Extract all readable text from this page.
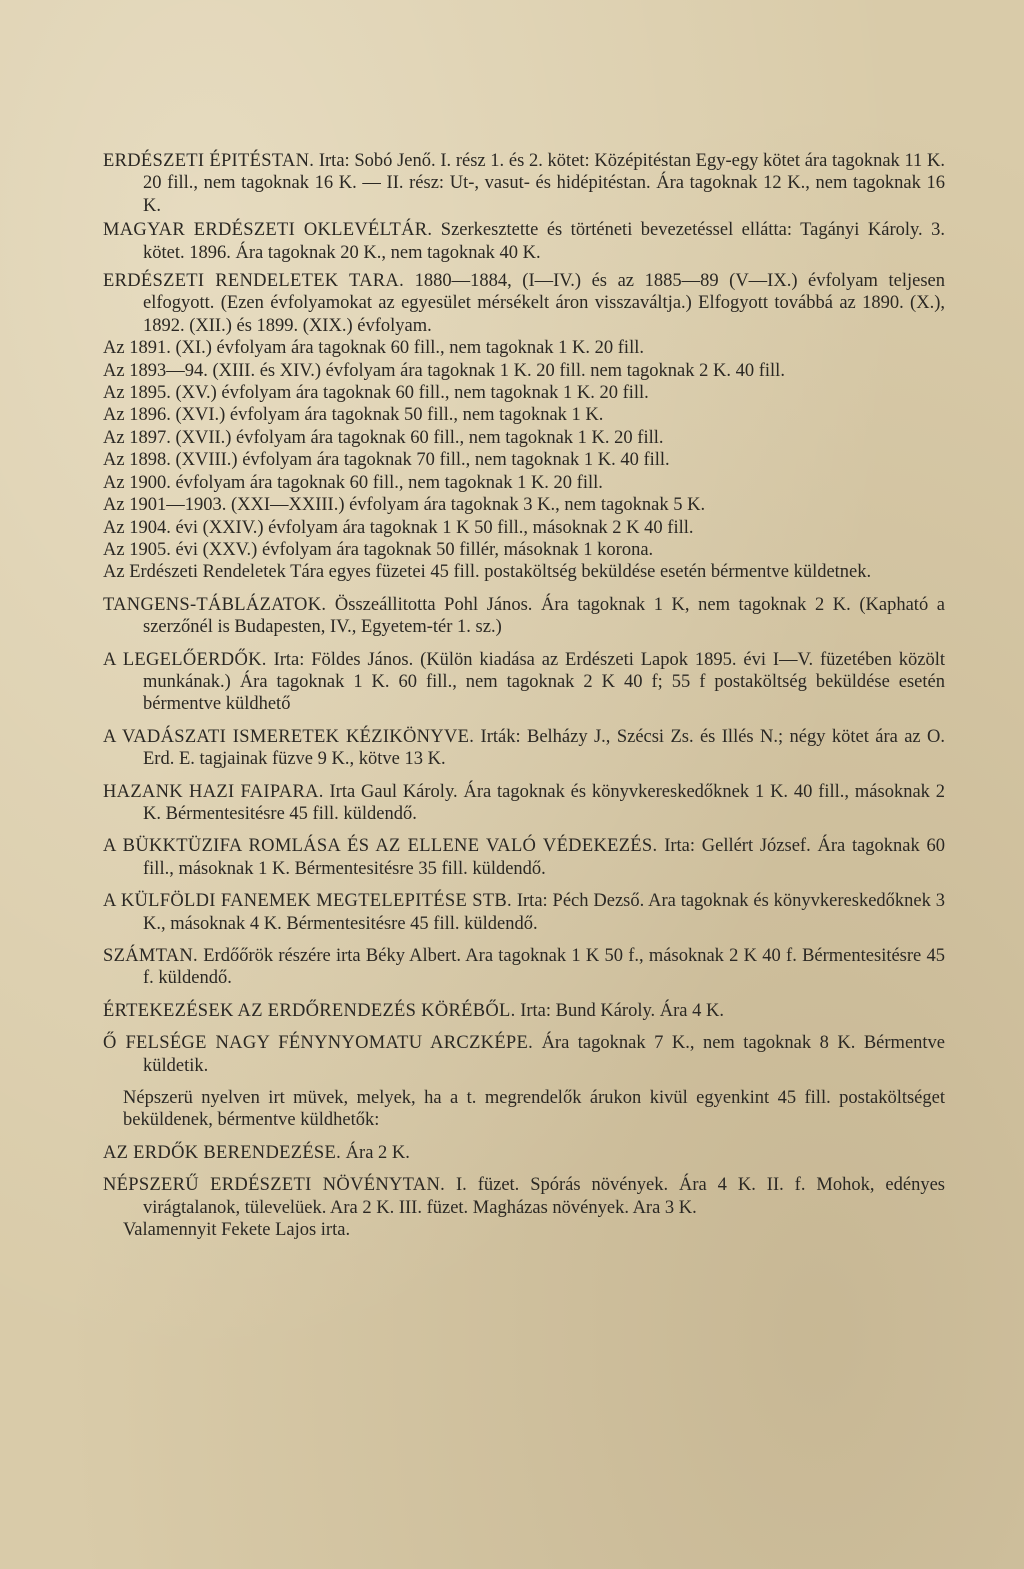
ERDÉSZETI ÉPITÉSTAN. Irta: Sobó Jenő. I. rész 1. és 2. kötet: Középitéstan Egy-egy kötet ára tagoknak 11 K. 20 fill., nem tagoknak 16 K. — II. rész: Ut-, vasut- és hidépitéstan. Ára tagoknak 12 K., nem tagoknak 16 K.
MAGYAR ERDÉSZETI OKLEVÉLTÁR. Szerkesztette és történeti bevezetéssel ellátta: Tagányi Károly. 3. kötet. 1896. Ára tagoknak 20 K., nem tagoknak 40 K.
ERDÉSZETI RENDELETEK TARA. 1880—1884, (I—IV.) és az 1885—89 (V—IX.) évfolyam teljesen elfogyott. (Ezen évfolyamokat az egyesület mérsékelt áron visszaváltja.) Elfogyott továbbá az 1890. (X.), 1892. (XII.) és 1899. (XIX.) évfolyam.
Az 1891. (XI.) évfolyam ára tagoknak 60 fill., nem tagoknak 1 K. 20 fill.
Az 1893—94. (XIII. és XIV.) évfolyam ára tagoknak 1 K. 20 fill. nem tagoknak 2 K. 40 fill.
Az 1895. (XV.) évfolyam ára tagoknak 60 fill., nem tagoknak 1 K. 20 fill.
Az 1896. (XVI.) évfolyam ára tagoknak 50 fill., nem tagoknak 1 K.
Az 1897. (XVII.) évfolyam ára tagoknak 60 fill., nem tagoknak 1 K. 20 fill.
Az 1898. (XVIII.) évfolyam ára tagoknak 70 fill., nem tagoknak 1 K. 40 fill.
Az 1900. évfolyam ára tagoknak 60 fill., nem tagoknak 1 K. 20 fill.
Az 1901—1903. (XXI—XXIII.) évfolyam ára tagoknak 3 K., nem tagoknak 5 K.
Az 1904. évi (XXIV.) évfolyam ára tagoknak 1 K 50 fill., másoknak 2 K 40 fill.
Az 1905. évi (XXV.) évfolyam ára tagoknak 50 fillér, másoknak 1 korona.
Az Erdészeti Rendeletek Tára egyes füzetei 45 fill. postaköltség beküldése esetén bérmentve küldetnek.
TANGENS-TÁBLÁZATOK. Összeállitotta Pohl János. Ára tagoknak 1 K, nem tagoknak 2 K. (Kapható a szerzőnél is Budapesten, IV., Egyetem-tér 1. sz.)
A LEGELŐERDŐK. Irta: Földes János. (Külön kiadása az Erdészeti Lapok 1895. évi I—V. füzetében közölt munkának.) Ára tagoknak 1 K. 60 fill., nem tagoknak 2 K 40 f; 55 f postaköltség beküldése esetén bérmentve küldhető
A VADÁSZATI ISMERETEK KÉZIKÖNYVE. Irták: Belházy J., Szécsi Zs. és Illés N.; négy kötet ára az O. Erd. E. tagjainak füzve 9 K., kötve 13 K.
HAZANK HAZI FAIPARA. Irta Gaul Károly. Ára tagoknak és könyvkereskedőknek 1 K. 40 fill., másoknak 2 K. Bérmentesitésre 45 fill. küldendő.
A BÜKKTÜZIFA ROMLÁSA ÉS AZ ELLENE VALÓ VÉDEKEZÉS. Irta: Gellért József. Ára tagoknak 60 fill., másoknak 1 K. Bérmentesitésre 35 fill. küldendő.
A KÜLFÖLDI FANEMEK MEGTELEPITÉSE STB. Irta: Péch Dezső. Ara tagoknak és könyvkereskedőknek 3 K., másoknak 4 K. Bérmentesitésre 45 fill. küldendő.
SZÁMTAN. Erdőőrök részére irta Béky Albert. Ara tagoknak 1 K 50 f., másoknak 2 K 40 f. Bérmentesitésre 45 f. küldendő.
ÉRTEKEZÉSEK AZ ERDŐRENDEZÉS KÖRÉBŐL. Irta: Bund Károly. Ára 4 K.
Ő FELSÉGE NAGY FÉNYNYOMATU ARCZKÉPE. Ára tagoknak 7 K., nem tagoknak 8 K. Bérmentve küldetik.
Népszerü nyelven irt müvek, melyek, ha a t. megrendelők árukon kivül egyenkint 45 fill. postaköltséget beküldenek, bérmentve küldhetők:
AZ ERDŐK BERENDEZÉSE. Ára 2 K.
NÉPSZERŰ ERDÉSZETI NÖVÉNYTAN. I. füzet. Spórás növények. Ára 4 K. II. f. Mohok, edényes virágtalanok, tülevelüek. Ara 2 K. III. füzet. Magházas növények. Ara 3 K.
Valamennyit Fekete Lajos irta.
